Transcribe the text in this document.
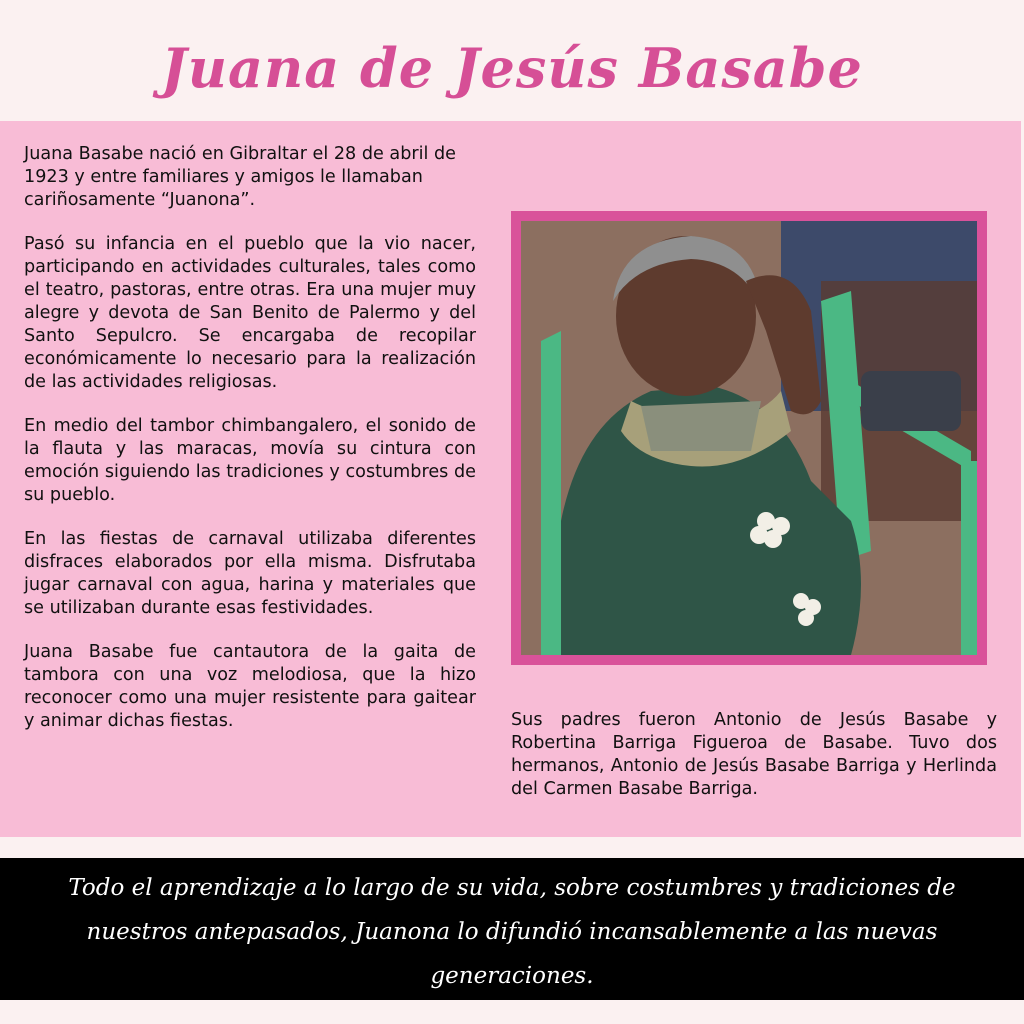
Juana de Jesús Basabe

Juana Basabe nació en Gibraltar el 28 de abril de 1923 y entre familiares y amigos le llamaban cariñosamente “Juanona”.

Pasó su infancia en el pueblo que la vio nacer, participando en actividades culturales, tales como el teatro, pastoras, entre otras. Era una mujer muy alegre y devota de San Benito de Palermo y del Santo Sepulcro. Se encargaba de recopilar económicamente lo necesario para la realización de las actividades religiosas.

En medio del tambor chimbangalero, el sonido de la flauta y las maracas, movía su cintura con emoción siguiendo las tradiciones y costumbres de su pueblo.

En las fiestas de carnaval utilizaba diferentes disfraces elaborados por ella misma. Disfrutaba jugar carnaval con agua, harina y materiales que se utilizaban durante esas festividades.

Juana Basabe fue cantautora de la gaita de tambora con una voz melodiosa, que la hizo reconocer como una mujer resistente para gaitear y animar dichas fiestas.	Sus padres fueron Antonio de Jesús Basabe y Robertina Barriga Figueroa de Basabe. Tuvo dos hermanos, Antonio de Jesús Basabe Barriga y Herlinda del Carmen Basabe Barriga.

Todo el aprendizaje a lo largo de su vida, sobre costumbres y tradiciones de nuestros antepasados, Juanona lo difundió incansablemente a las nuevas generaciones.
